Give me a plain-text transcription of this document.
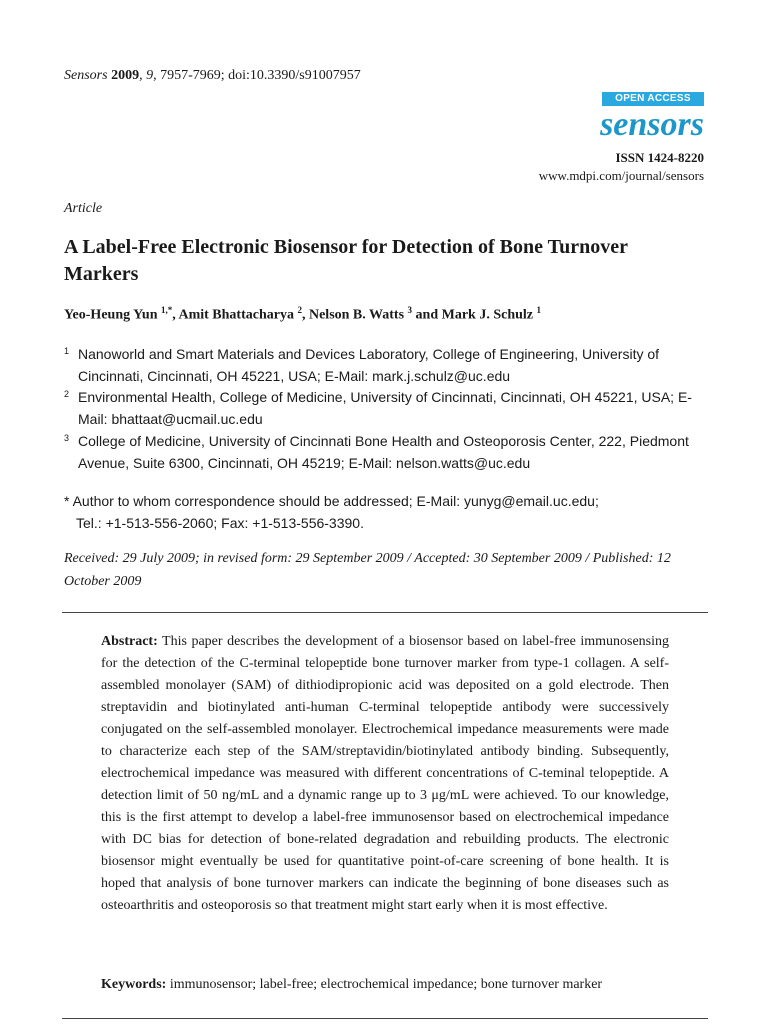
Sensors 2009, 9, 7957-7969; doi:10.3390/s91007957
OPEN ACCESS
sensors
ISSN 1424-8220
www.mdpi.com/journal/sensors
Article
A Label-Free Electronic Biosensor for Detection of Bone Turnover Markers
Yeo-Heung Yun $^{1,*}$, Amit Bhattacharya $^2$, Nelson B. Watts $^3$ and Mark J. Schulz $^1$
1 Nanoworld and Smart Materials and Devices Laboratory, College of Engineering, University of Cincinnati, Cincinnati, OH 45221, USA; E-Mail: mark.j.schulz@uc.edu
2 Environmental Health, College of Medicine, University of Cincinnati, Cincinnati, OH 45221, USA; E-Mail: bhattaat@ucmail.uc.edu
3 College of Medicine, University of Cincinnati Bone Health and Osteoporosis Center, 222, Piedmont Avenue, Suite 6300, Cincinnati, OH 45219; E-Mail: nelson.watts@uc.edu
* Author to whom correspondence should be addressed; E-Mail: yunyg@email.uc.edu;
Tel.: +1-513-556-2060; Fax: +1-513-556-3390.
Received: 29 July 2009; in revised form: 29 September 2009 / Accepted: 30 September 2009 / Published: 12 October 2009
Abstract: This paper describes the development of a biosensor based on label-free immunosensing for the detection of the C-terminal telopeptide bone turnover marker from type-1 collagen. A self-assembled monolayer (SAM) of dithiodipropionic acid was deposited on a gold electrode. Then streptavidin and biotinylated anti-human C-terminal telopeptide antibody were successively conjugated on the self-assembled monolayer. Electrochemical impedance measurements were made to characterize each step of the SAM/streptavidin/biotinylated antibody binding. Subsequently, electrochemical impedance was measured with different concentrations of C-teminal telopeptide. A detection limit of 50 ng/mL and a dynamic range up to 3 μg/mL were achieved. To our knowledge, this is the first attempt to develop a label-free immunosensor based on electrochemical impedance with DC bias for detection of bone-related degradation and rebuilding products. The electronic biosensor might eventually be used for quantitative point-of-care screening of bone health. It is hoped that analysis of bone turnover markers can indicate the beginning of bone diseases such as osteoarthritis and osteoporosis so that treatment might start early when it is most effective.
Keywords: immunosensor; label-free; electrochemical impedance; bone turnover marker
